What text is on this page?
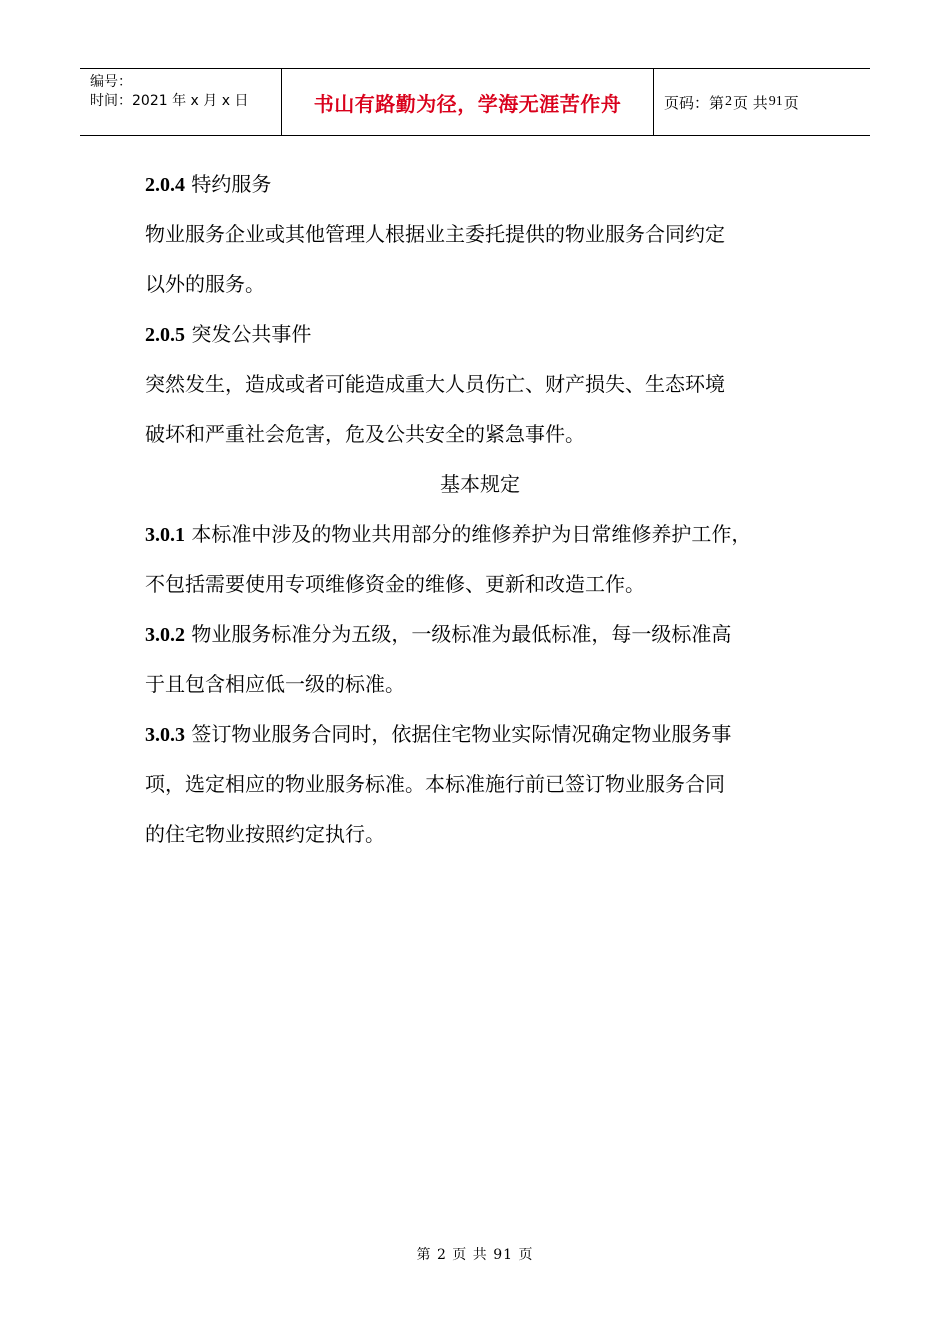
编号：
时间：2021 年 x 月 x 日	书山有路勤为径，学海无涯苦作舟	页码：第 2 页 共 91 页
2.0.4 特约服务
物业服务企业或其他管理人根据业主委托提供的物业服务合同约定
以外的服务。
2.0.5 突发公共事件
突然发生，造成或者可能造成重大人员伤亡、财产损失、生态环境
破坏和严重社会危害，危及公共安全的紧急事件。
基本规定
3.0.1 本标准中涉及的物业共用部分的维修养护为日常维修养护工作，
不包括需要使用专项维修资金的维修、更新和改造工作。
3.0.2 物业服务标准分为五级，一级标准为最低标准，每一级标准高
于且包含相应低一级的标准。
3.0.3 签订物业服务合同时，依据住宅物业实际情况确定物业服务事
项，选定相应的物业服务标准。本标准施行前已签订物业服务合同
的住宅物业按照约定执行。
第 2 页 共 91 页
